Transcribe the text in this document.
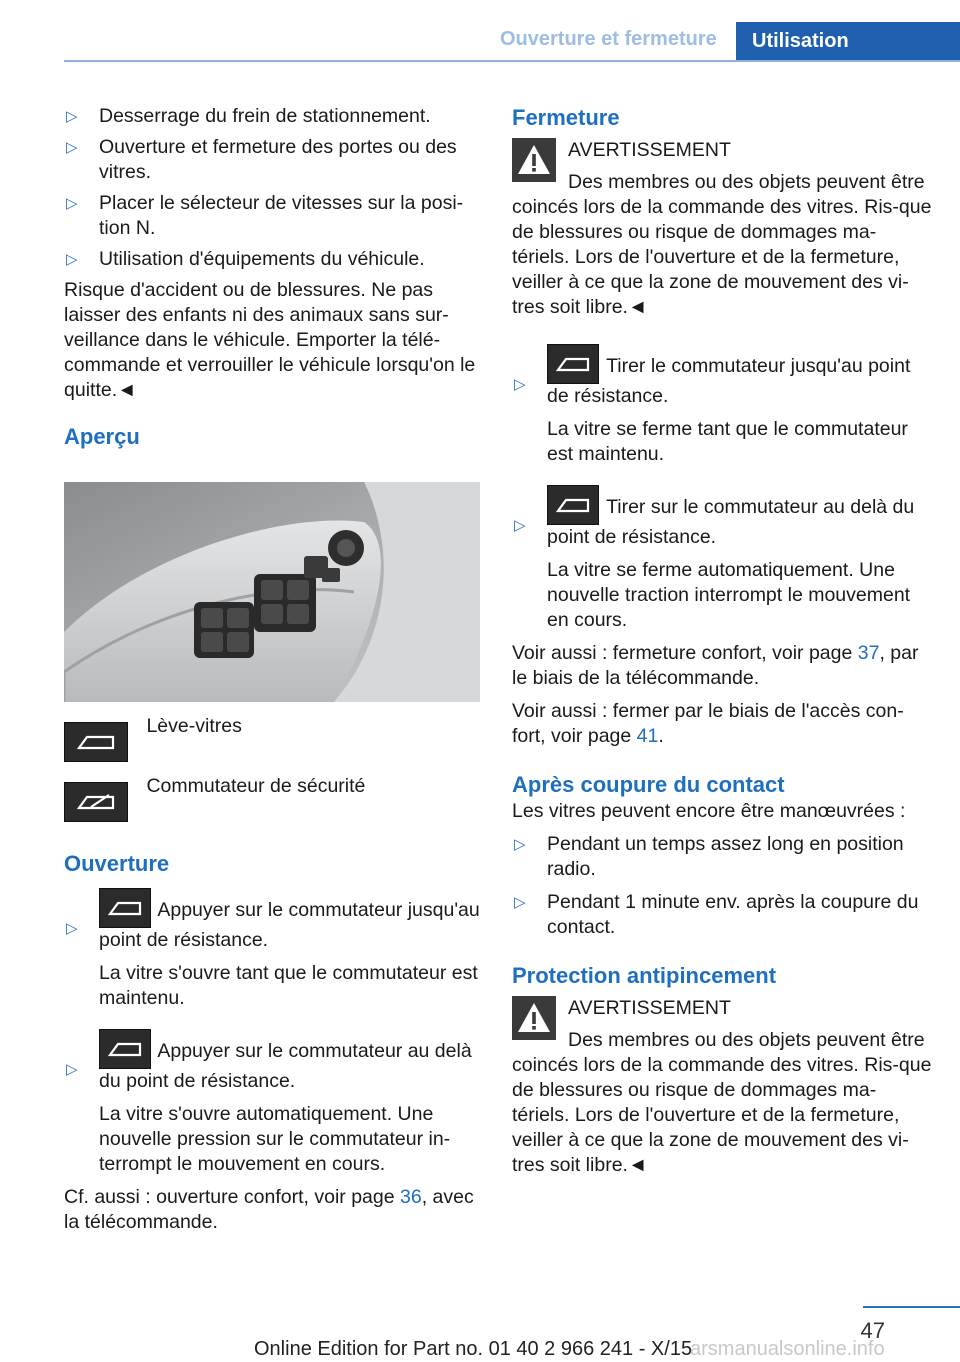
Ouverture et fermeture Utilisation
▷ Desserrage du frein de stationnement.
▷ Ouverture et fermeture des portes ou des vitres.
▷ Placer le sélecteur de vitesses sur la posi‐tion N.
▷ Utilisation d'équipements du véhicule.

Risque d'accident ou de blessures. Ne pas laisser des enfants ni des animaux sans sur‐veillance dans le véhicule. Emporter la télé‐commande et verrouiller le véhicule lorsqu'on le quitte.◄

Aperçu
Lève-vitres
Commutateur de sécurité
Ouverture
▷
Appuyer sur le commutateur jusqu'au point de résistance.

La vitre s'ouvre tant que le commutateur est maintenu.

▷
Appuyer sur le commutateur au delà du point de résistance.

La vitre s'ouvre automatiquement. Une nouvelle pression sur le commutateur in‐terrompt le mouvement en cours.

Cf. aussi : ouverture confort, voir page 36, avec la télécommande.

Fermeture

AVERTISSEMENT

Des membres ou des objets peuvent être coincés lors de la commande des vitres. Ris‐que de blessures ou risque de dommages ma‐tériels. Lors de l'ouverture et de la fermeture, veiller à ce que la zone de mouvement des vi‐tres soit libre.◄

▷
Tirer le commutateur jusqu'au point de résistance.

La vitre se ferme tant que le commutateur est maintenu.

▷
Tirer sur le commutateur au delà du point de résistance.

La vitre se ferme automatiquement. Une nouvelle traction interrompt le mouvement en cours.

Voir aussi : fermeture confort, voir page 37, par le biais de la télécommande.

Voir aussi : fermer par le biais de l'accès con‐fort, voir page 41.

Après coupure du contact

Les vitres peuvent encore être manœuvrées :

▷ Pendant un temps assez long en position radio.
▷ Pendant 1 minute env. après la coupure du contact.
Protection antipincement

AVERTISSEMENT

Des membres ou des objets peuvent être coincés lors de la commande des vitres. Ris‐que de blessures ou risque de dommages ma‐tériels. Lors de l'ouverture et de la fermeture, veiller à ce que la zone de mouvement des vi‐tres soit libre.◄

47
Online Edition for Part no. 01 40 2 966 241 - X/15
arsmanualsonline.info
